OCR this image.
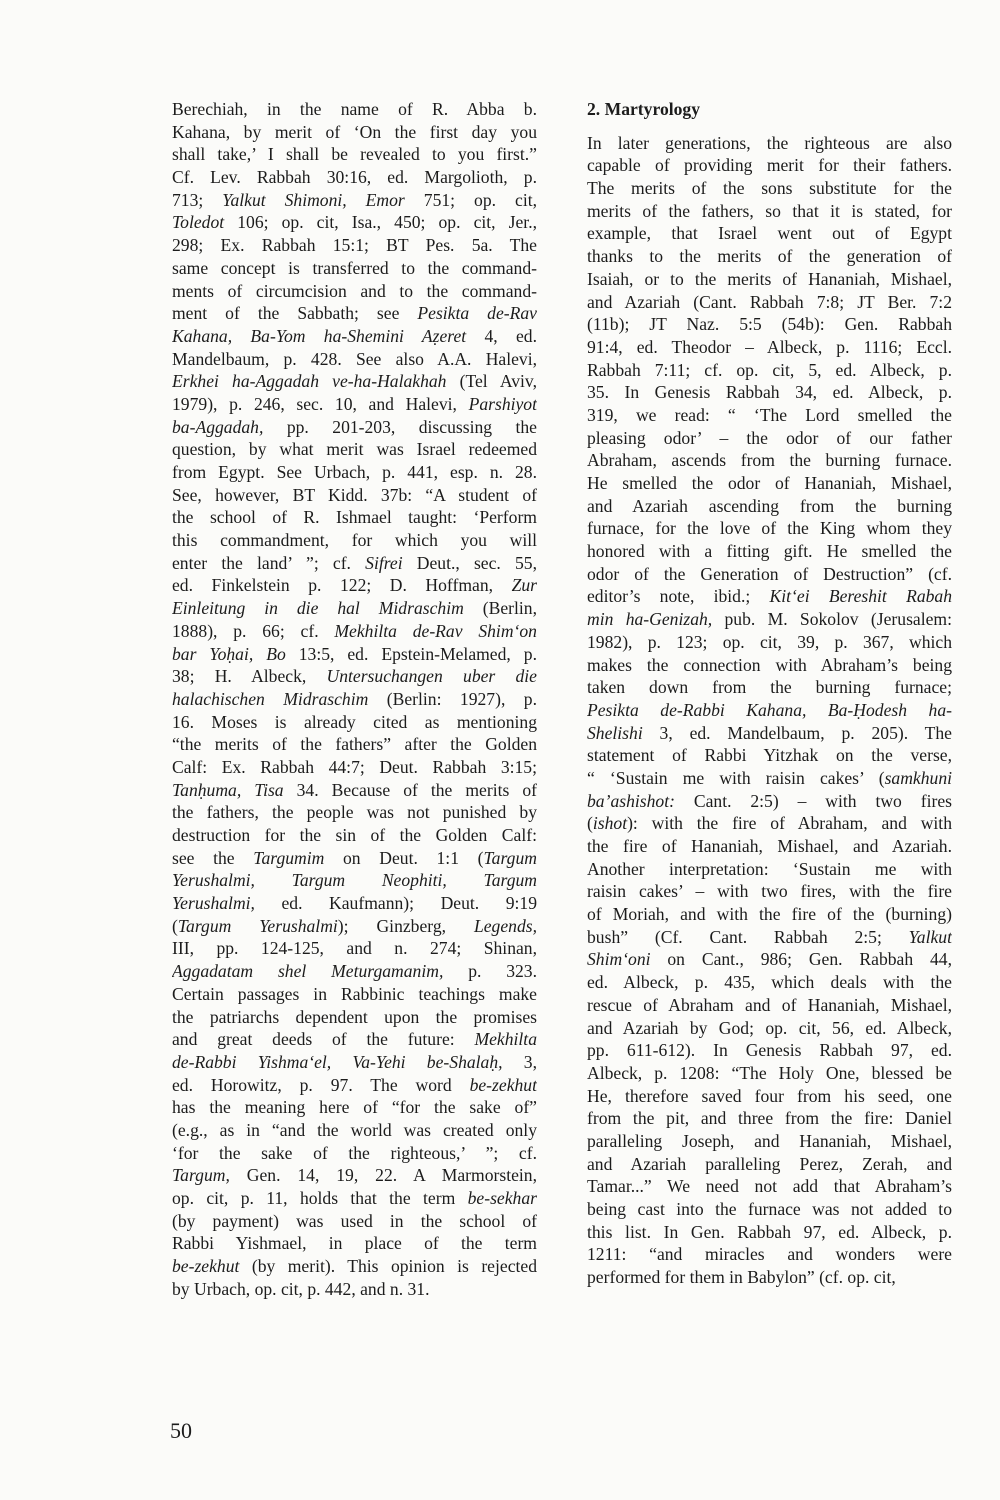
Berechiah, in the name of R. Abba b.
Kahana, by merit of ‘On the first day you
shall take,’ I shall be revealed to you first.”
Cf. Lev. Rabbah 30:16, ed. Margolioth, p.
713; Yalkut Shimoni, Emor 751; op. cit,
Toledot 106; op. cit, Isa., 450; op. cit, Jer.,
298; Ex. Rabbah 15:1; BT Pes. 5a. The
same concept is transferred to the command-
ments of circumcision and to the command-
ment of the Sabbath; see Pesikta de-Rav
Kahana, Ba-Yom ha-Shemini Aẓeret 4, ed.
Mandelbaum, p. 428. See also A.A. Halevi,
Erkhei ha-Aggadah ve-ha-Halakhah (Tel Aviv,
1979), p. 246, sec. 10, and Halevi, Parshiyot
ba-Aggadah, pp. 201-203, discussing the
question, by what merit was Israel redeemed
from Egypt. See Urbach, p. 441, esp. n. 28.
See, however, BT Kidd. 37b: “A student of
the school of R. Ishmael taught: ‘Perform
this commandment, for which you will
enter the land’ ”; cf. Sifrei Deut., sec. 55,
ed. Finkelstein p. 122; D. Hoffman, Zur
Einleitung in die hal Midraschim (Berlin,
1888), p. 66; cf. Mekhilta de-Rav Shim‘on
bar Yoḥai, Bo 13:5, ed. Epstein-Melamed, p.
38; H. Albeck, Untersuchangen uber die
halachischen Midraschim (Berlin: 1927), p.
16. Moses is already cited as mentioning
“the merits of the fathers” after the Golden
Calf: Ex. Rabbah 44:7; Deut. Rabbah 3:15;
Tanḥuma, Tisa 34. Because of the merits of
the fathers, the people was not punished by
destruction for the sin of the Golden Calf:
see the Targumim on Deut. 1:1 (Targum
Yerushalmi, Targum Neophiti, Targum
Yerushalmi, ed. Kaufmann); Deut. 9:19
(Targum Yerushalmi); Ginzberg, Legends,
III, pp. 124-125, and n. 274; Shinan,
Aggadatam shel Meturgamanim, p. 323.
Certain passages in Rabbinic teachings make
the patriarchs dependent upon the promises
and great deeds of the future: Mekhilta
de-Rabbi Yishma‘el, Va-Yehi be-Shalaḥ, 3,
ed. Horowitz, p. 97. The word be-zekhut
has the meaning here of “for the sake of”
(e.g., as in “and the world was created only
‘for the sake of the righteous,’ ”; cf.
Targum, Gen. 14, 19, 22. A Marmorstein,
op. cit, p. 11, holds that the term be-sekhar
(by payment) was used in the school of
Rabbi Yishmael, in place of the term
be-zekhut (by merit). This opinion is rejected
by Urbach, op. cit, p. 442, and n. 31.
2. Martyrology
In later generations, the righteous are also
capable of providing merit for their fathers.
The merits of the sons substitute for the
merits of the fathers, so that it is stated, for
example, that Israel went out of Egypt
thanks to the merits of the generation of
Isaiah, or to the merits of Hananiah, Mishael,
and Azariah (Cant. Rabbah 7:8; JT Ber. 7:2
(11b); JT Naz. 5:5 (54b): Gen. Rabbah
91:4, ed. Theodor – Albeck, p. 1116; Eccl.
Rabbah 7:11; cf. op. cit, 5, ed. Albeck, p.
35. In Genesis Rabbah 34, ed. Albeck, p.
319, we read: “ ‘The Lord smelled the
pleasing odor’ – the odor of our father
Abraham, ascends from the burning furnace.
He smelled the odor of Hananiah, Mishael,
and Azariah ascending from the burning
furnace, for the love of the King whom they
honored with a fitting gift. He smelled the
odor of the Generation of Destruction” (cf.
editor’s note, ibid.; Kit‘ei Bereshit Rabah
min ha-Genizah, pub. M. Sokolov (Jerusalem:
1982), p. 123; op. cit, 39, p. 367, which
makes the connection with Abraham’s being
taken down from the burning furnace;
Pesikta de-Rabbi Kahana, Ba-Ḥodesh ha-
Shelishi 3, ed. Mandelbaum, p. 205). The
statement of Rabbi Yitzhak on the verse,
“ ‘Sustain me with raisin cakes’ (samkhuni
ba’ashishot: Cant. 2:5) – with two fires
(ishot): with the fire of Abraham, and with
the fire of Hananiah, Mishael, and Azariah.
Another interpretation: ‘Sustain me with
raisin cakes’ – with two fires, with the fire
of Moriah, and with the fire of the (burning)
bush” (Cf. Cant. Rabbah 2:5; Yalkut
Shim‘oni on Cant., 986; Gen. Rabbah 44,
ed. Albeck, p. 435, which deals with the
rescue of Abraham and of Hananiah, Mishael,
and Azariah by God; op. cit, 56, ed. Albeck,
pp. 611-612). In Genesis Rabbah 97, ed.
Albeck, p. 1208: “The Holy One, blessed be
He, therefore saved four from his seed, one
from the pit, and three from the fire: Daniel
paralleling Joseph, and Hananiah, Mishael,
and Azariah paralleling Perez, Zerah, and
Tamar...” We need not add that Abraham’s
being cast into the furnace was not added to
this list. In Gen. Rabbah 97, ed. Albeck, p.
1211: “and miracles and wonders were
performed for them in Babylon” (cf. op. cit,
50
